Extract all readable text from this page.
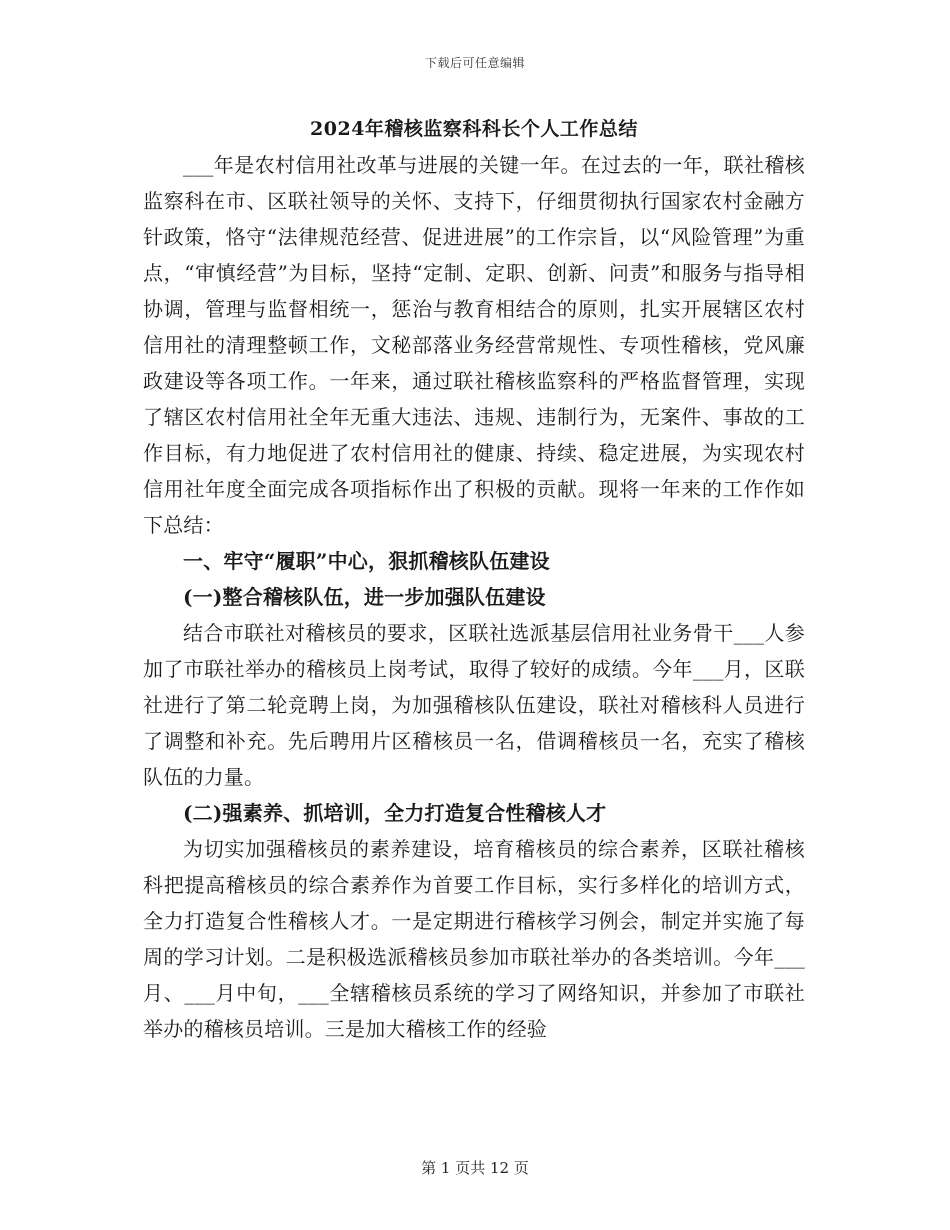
下载后可任意编辑
2024年稽核监察科科长个人工作总结

___年是农村信用社改革与进展的关键一年。在过去的一年，联社稽核监察科在市、区联社领导的关怀、支持下，仔细贯彻执行国家农村金融方针政策，恪守“法律规范经营、促进进展”的工作宗旨，以“风险管理”为重点，“审慎经营”为目标，坚持“定制、定职、创新、问责”和服务与指导相协调，管理与监督相统一，惩治与教育相结合的原则，扎实开展辖区农村信用社的清理整顿工作，文秘部落业务经营常规性、专项性稽核，党风廉政建设等各项工作。一年来，通过联社稽核监察科的严格监督管理，实现了辖区农村信用社全年无重大违法、违规、违制行为，无案件、事故的工作目标，有力地促进了农村信用社的健康、持续、稳定进展，为实现农村信用社年度全面完成各项指标作出了积极的贡献。现将一年来的工作作如下总结：

一、牢守“履职”中心，狠抓稽核队伍建设

(一)整合稽核队伍，进一步加强队伍建设

结合市联社对稽核员的要求，区联社选派基层信用社业务骨干___人参加了市联社举办的稽核员上岗考试，取得了较好的成绩。今年___月，区联社进行了第二轮竞聘上岗，为加强稽核队伍建设，联社对稽核科人员进行了调整和补充。先后聘用片区稽核员一名，借调稽核员一名，充实了稽核队伍的力量。

(二)强素养、抓培训，全力打造复合性稽核人才

为切实加强稽核员的素养建设，培育稽核员的综合素养，区联社稽核科把提高稽核员的综合素养作为首要工作目标，实行多样化的培训方式，全力打造复合性稽核人才。一是定期进行稽核学习例会，制定并实施了每周的学习计划。二是积极选派稽核员参加市联社举办的各类培训。今年___月、___月中旬，___全辖稽核员系统的学习了网络知识，并参加了市联社举办的稽核员培训。三是加大稽核工作的经验

第 1 页共 12 页
